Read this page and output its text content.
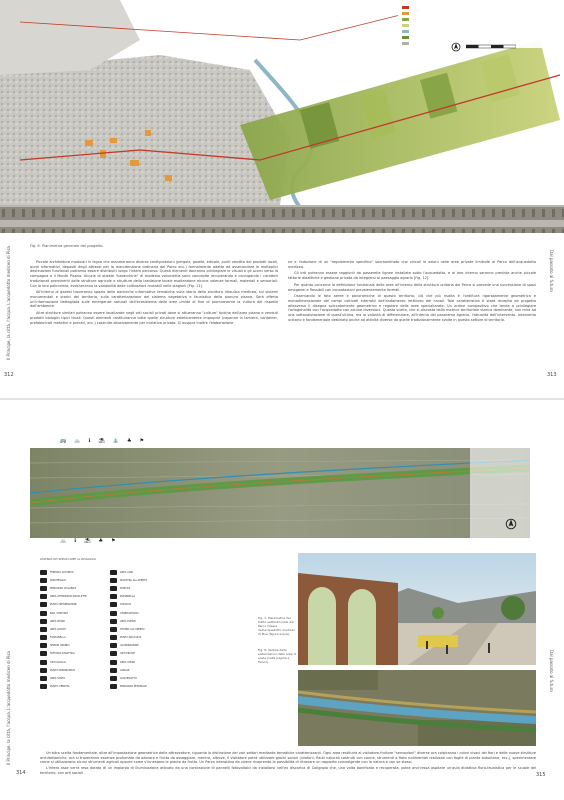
Il Principe, la città, l'acqua. L'acquedotto mediceo di Pisa	Dal passato al futuro
312	313
Fig. 6. Planimetria generale del progetto.

Piccole architetture modulari in legno che assumeranno diverse configurazioni (pergole, gazebi, edicole, punti vendita dei prodotti locali, punti informativi, depositi degli attrezzi per la manutenzione ordinaria del Parco ecc.) formalmente adatte ad assecondare le molteplici destinazioni funzionali potranno essere distribuiti lungo l'intero percorso. Questi elementi dovranno privilegiare le visuali e gli scorci verso la campagna e il Monte Pisano. Alcune di queste "baracchine" di modesta volumetria sono concepite recuperando e coniugando i caratteri tradizionali preminenti delle strutture agricole e strutture della tradizione locale esaltandone alcune valenze formali, materiali e sensoriali. Con la loro policromia, evocheranno la variabilità delle coltivazioni mutabili nelle stagioni [Fig. 11].

All'interno di gazebi troveranno spazio delle bacheche informative tematiche sulla storia della struttura idraulica medicea, sui sistemi monumentali e storici del territorio, sulla caratterizzazione del sistema vegetativo e faunistico della pianura pisana. Sarà offerta un'informazione dettagliata sulle emergenze naturali dell'ecosistema delle aree umide al fine di promuoverne la cultura del rispetto dell'ambiente.

Altre strutture similari potranno essere localizzate negli orti sociali privati dove si attueranno "culture" tipiche dell'area pisana e venduti prodotti biologici tipici locali. Questi elementi costituiranno tutte quelle strutture esteticamente improprie (capanne in lamiera, container, prefabbricati metallici e precari, ecc.) costruite abusivamente per iniziativa privata. Si auspica inoltre l'elaborazione

ne e l'adozione di un "regolamento specifico" sovraordinato che vincoli le azioni nelle aree private limitrofe al Parco dell'acquedotto mediceo.

Gli orti potranno essere raggiunti da passerelle lignee installate sotto l'acquedotto, e al loro interno saranno previste anche piccole fattorie didattiche e gestione privata da integrarsi al paesaggio agrario [Fig. 12].

Per quanto concerne la definizione funzionale delle aree all'interno della struttura unitaria del Parco si prevede una successione di spazi omogenei e flessibili con connotazioni prevalentemente formali.

Osservando le foto aeree e panoramiche di questo territorio, ciò che più risalta è l'ordiitura rigorosamente geometrica e monodimensionale dei campi coltivati interrotti dall'andamento rettilineo dei canali. Tale caratteristica è stata recepita da progetto attraverso il disegno spiccatamente geometrico e regolare delle aree specializzate. Un ordine compositivo che tende a privilegiare l'ortogonalità con l'acquedotto con alcune diversioni. Questa scelta, che si discosta dalla matrice territoriale storica dominante, non mira ad una sottovalutazione di quest'ultima, ma la volontà di differenziare, all'interno del panorama agrario, l'attualità dell'intervento. Intervento unitario e fondamentale destinato anche ad attività diverse da quelle tradizionalmente svolte in questo settore di territorio.

🚌 🚲 ℹ ⛱ ⛲ ♣ ⚑
🚲 ℹ ⛱ ♣ ⚑
Il Principe, la città, l'acqua. L'acquedotto mediceo di Pisa	Dal passato al futuro
314	315
LEGENDA DEI SERVIZI AREE AL PASSAGGIO
FERMATA AUTOBUS
PARCHEGGIO
PERCORSO CICLABILE
AREA ATTREZZATA BICICLETTE
PUNTO INFORMAZIONI
BAR / RISTORO
AREA PICNIC
AREA GIOCHI
FONTANELLA
SERVIZI IGIENICI
FATTORIA DIDATTICA
ORTI SOCIALI
PUNTO PANORAMICO
AREA SOSTA
PUNTO VENDITA
AREA CANI
PALESTRA ALL'APERTO
PONTILE
PASSERELLA
CHIOSCO
OSSERVATORIO
AREA EVENTI
TEATRO ALL'APERTO
PUNTO RACCOLTA
ILLUMINAZIONE
ORTI PRIVATI
AREA UMIDA
CANALE
ACQUEDOTTO
PERCORSO PEDONALE
Fig. 7. Planimetria del tratto settentrionale del Parco lineare dell'acquedotto mediceo di Pisa (figura sopra).
Fig. 8. Veduta delle sistemazioni delle aree di sosta (nella pagina a fianco).

Un'altra scelta fondamentale, oltre all'impostazione geometrica delle attrezzature, riguarda la distinzione dei vari settori mediante tematiche caratterizzanti. Ogni area restituirà al visitatore-fruitore "sensazioni" diverse ora colpiranno i colori vivaci dei fiori e delle nuove strutture architettoniche, ora si troveranno essenze profumate da odorare e frutta da assaggiare, mentre, altrove, il visitatore potrà utilizzare giochi sonori (xilofoni, flauti naturali costruiti con canne, strumenti a fiato rudimentali realizzati con foglie di piante autoctone, ecc.), sperimentare come si utilizzavano alcuni strumenti agricoli oppure come s'innestano le piante da frutto. Un Parco interattivo da vivere ricoprendo la possibilità di ritrovare un rapporto coinvolgente con la natura e con se stessi.

L'intero asse verrà reso dotato di un impianto di illuminazione attivato da una contrazione di pannelli fotovoltaici da installarsi nell'ex discarica di Colignola che, una volta bonificata e recuperata, potrà anch'essa ospitare un'aula didattica flora-faunistica per le scuole del territorio, con orti sociali
